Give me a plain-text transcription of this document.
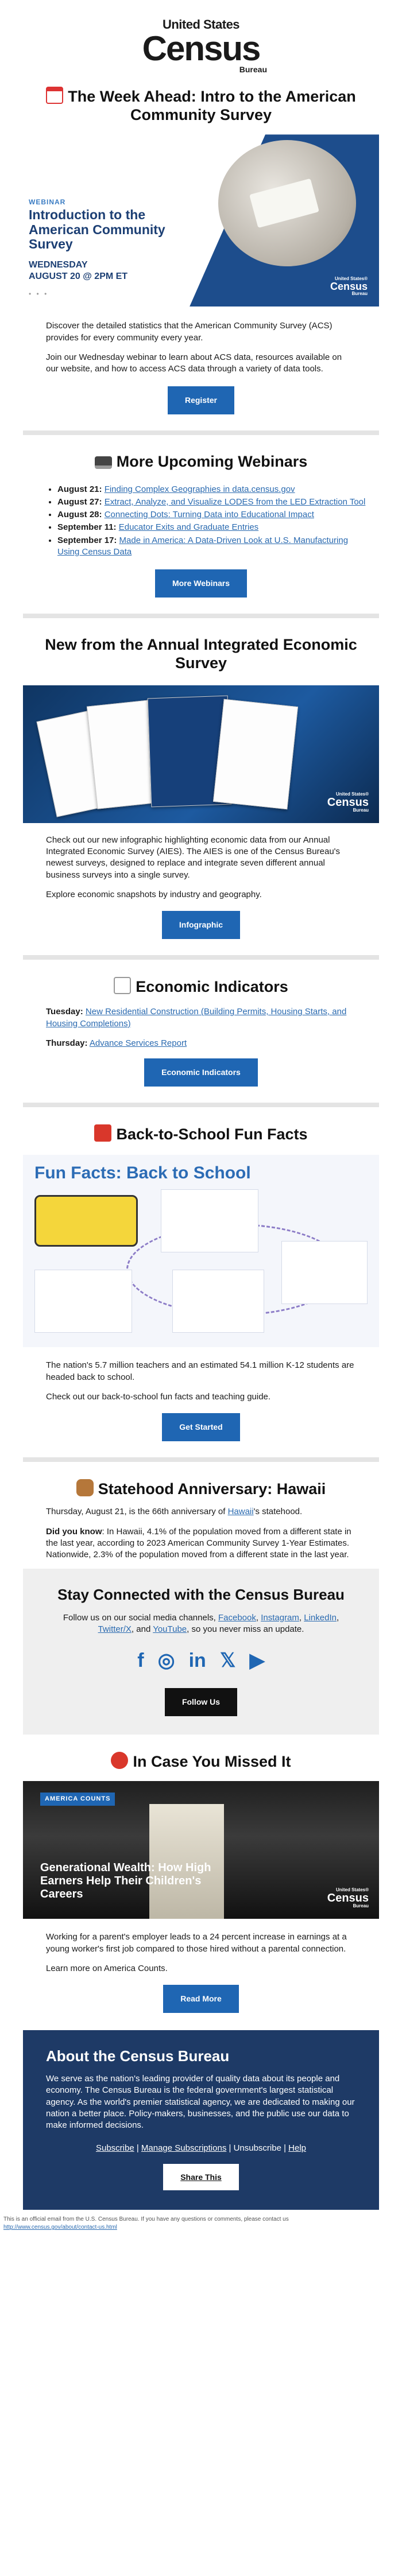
United States
Census
Bureau
The Week Ahead: Intro to the American Community Survey
WEBINAR
Introduction to the American Community Survey
WEDNESDAY
AUGUST 20 @ 2PM ET
• • •
United States®
Census
Bureau

Discover the detailed statistics that the American Community Survey (ACS) provides for every community every year.

Join our Wednesday webinar to learn about ACS data, resources available on our website, and how to access ACS data through a variety of data tools.

Register
More Upcoming Webinars
• August 21: Finding Complex Geographies in data.census.gov
• August 27: Extract, Analyze, and Visualize LODES from the LED Extraction Tool
• August 28: Connecting Dots: Turning Data into Educational Impact
• September 11: Educator Exits and Graduate Entries
• September 17: Made in America: A Data-Driven Look at U.S. Manufacturing Using Census Data
More Webinars
New from the Annual Integrated Economic Survey
United States®
Census
Bureau

Check out our new infographic highlighting economic data from our Annual Integrated Economic Survey (AIES). The AIES is one of the Census Bureau's newest surveys, designed to replace and integrate seven different annual business surveys into a single survey.

Explore economic snapshots by industry and geography.

Infographic
Economic Indicators

Tuesday: New Residential Construction (Building Permits, Housing Starts, and Housing Completions)

Thursday: Advance Services Report

Economic Indicators
Back-to-School Fun Facts
Fun Facts: Back to School

The nation's 5.7 million teachers and an estimated 54.1 million K-12 students are headed back to school.

Check out our back-to-school fun facts and teaching guide.

Get Started
Statehood Anniversary: Hawaii

Thursday, August 21, is the 66th anniversary of Hawaii's statehood.

Did you know: In Hawaii, 4.1% of the population moved from a different state in the last year, according to 2023 American Community Survey 1-Year Estimates. Nationwide, 2.3% of the population moved from a different state in the last year.

Stay Connected with the Census Bureau

Follow us on our social media channels, Facebook, Instagram, LinkedIn, Twitter/X, and YouTube, so you never miss an update.

f ◎ in 𝕏 ▶
Follow Us
In Case You Missed It
AMERICA COUNTS
Generational Wealth: How High Earners Help Their Children's Careers	United States®
Census
Bureau

Working for a parent's employer leads to a 24 percent increase in earnings at a young worker's first job compared to those hired without a parental connection.

Learn more on America Counts.

Read More
About the Census Bureau

We serve as the nation's leading provider of quality data about its people and economy. The Census Bureau is the federal government's largest statistical agency. As the world's premier statistical agency, we are dedicated to making our nation a better place. Policy-makers, businesses, and the public use our data to make informed decisions.

Subscribe | Manage Subscriptions | Unsubscribe | Help
Share This
This is an official email from the U.S. Census Bureau. If you have any questions or comments, please contact us
http://www.census.gov/about/contact-us.html
